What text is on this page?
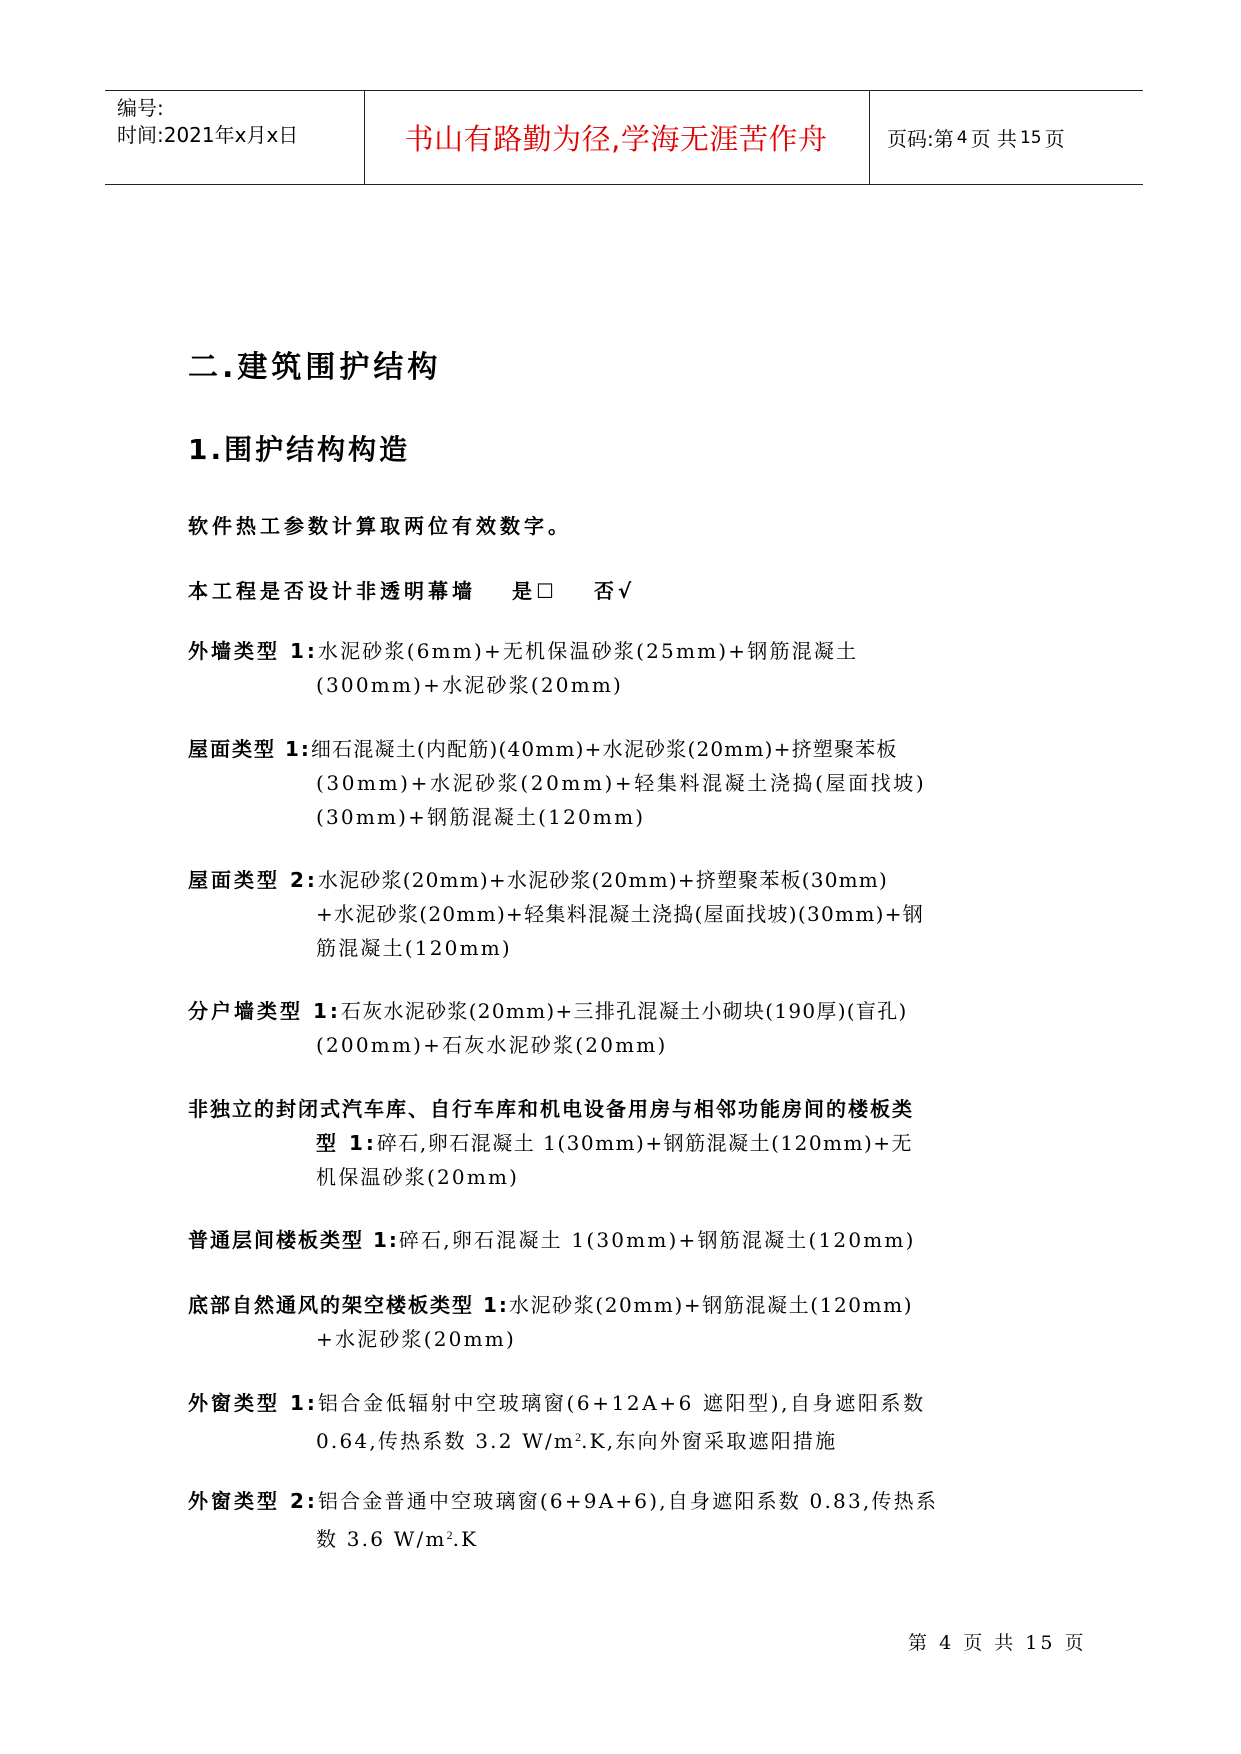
编号:
时间:2021年x月x日	书山有路勤为径,学海无涯苦作舟	页码:第 4 页 共 15 页
二.建筑围护结构
1.围护结构构造
软件热工参数计算取两位有效数字。
本工程是否设计非透明幕墙 是☐ 否√
外墙类型 1:水泥砂浆(6mm)+无机保温砂浆(25mm)+钢筋混凝土
(300mm)+水泥砂浆(20mm)
屋面类型 1:细石混凝土(内配筋)(40mm)+水泥砂浆(20mm)+挤塑聚苯板
(30mm)+水泥砂浆(20mm)+轻集料混凝土浇捣(屋面找坡)
(30mm)+钢筋混凝土(120mm)
屋面类型 2:水泥砂浆(20mm)+水泥砂浆(20mm)+挤塑聚苯板(30mm)
+水泥砂浆(20mm)+轻集料混凝土浇捣(屋面找坡)(30mm)+钢
筋混凝土(120mm)
分户墙类型 1:石灰水泥砂浆(20mm)+三排孔混凝土小砌块(190厚)(盲孔)
(200mm)+石灰水泥砂浆(20mm)
非独立的封闭式汽车库、自行车库和机电设备用房与相邻功能房间的楼板类
型 1:碎石,卵石混凝土 1(30mm)+钢筋混凝土(120mm)+无
机保温砂浆(20mm)
普通层间楼板类型 1:碎石,卵石混凝土 1(30mm)+钢筋混凝土(120mm)
底部自然通风的架空楼板类型 1:水泥砂浆(20mm)+钢筋混凝土(120mm)
+水泥砂浆(20mm)
外窗类型 1:铝合金低辐射中空玻璃窗(6+12A+6 遮阳型),自身遮阳系数
0.64,传热系数 3.2 $W/m^2.K$,东向外窗采取遮阳措施
外窗类型 2:铝合金普通中空玻璃窗(6+9A+6),自身遮阳系数 0.83,传热系
数 3.6 $W/m^2.K$
第 4 页 共 15 页
